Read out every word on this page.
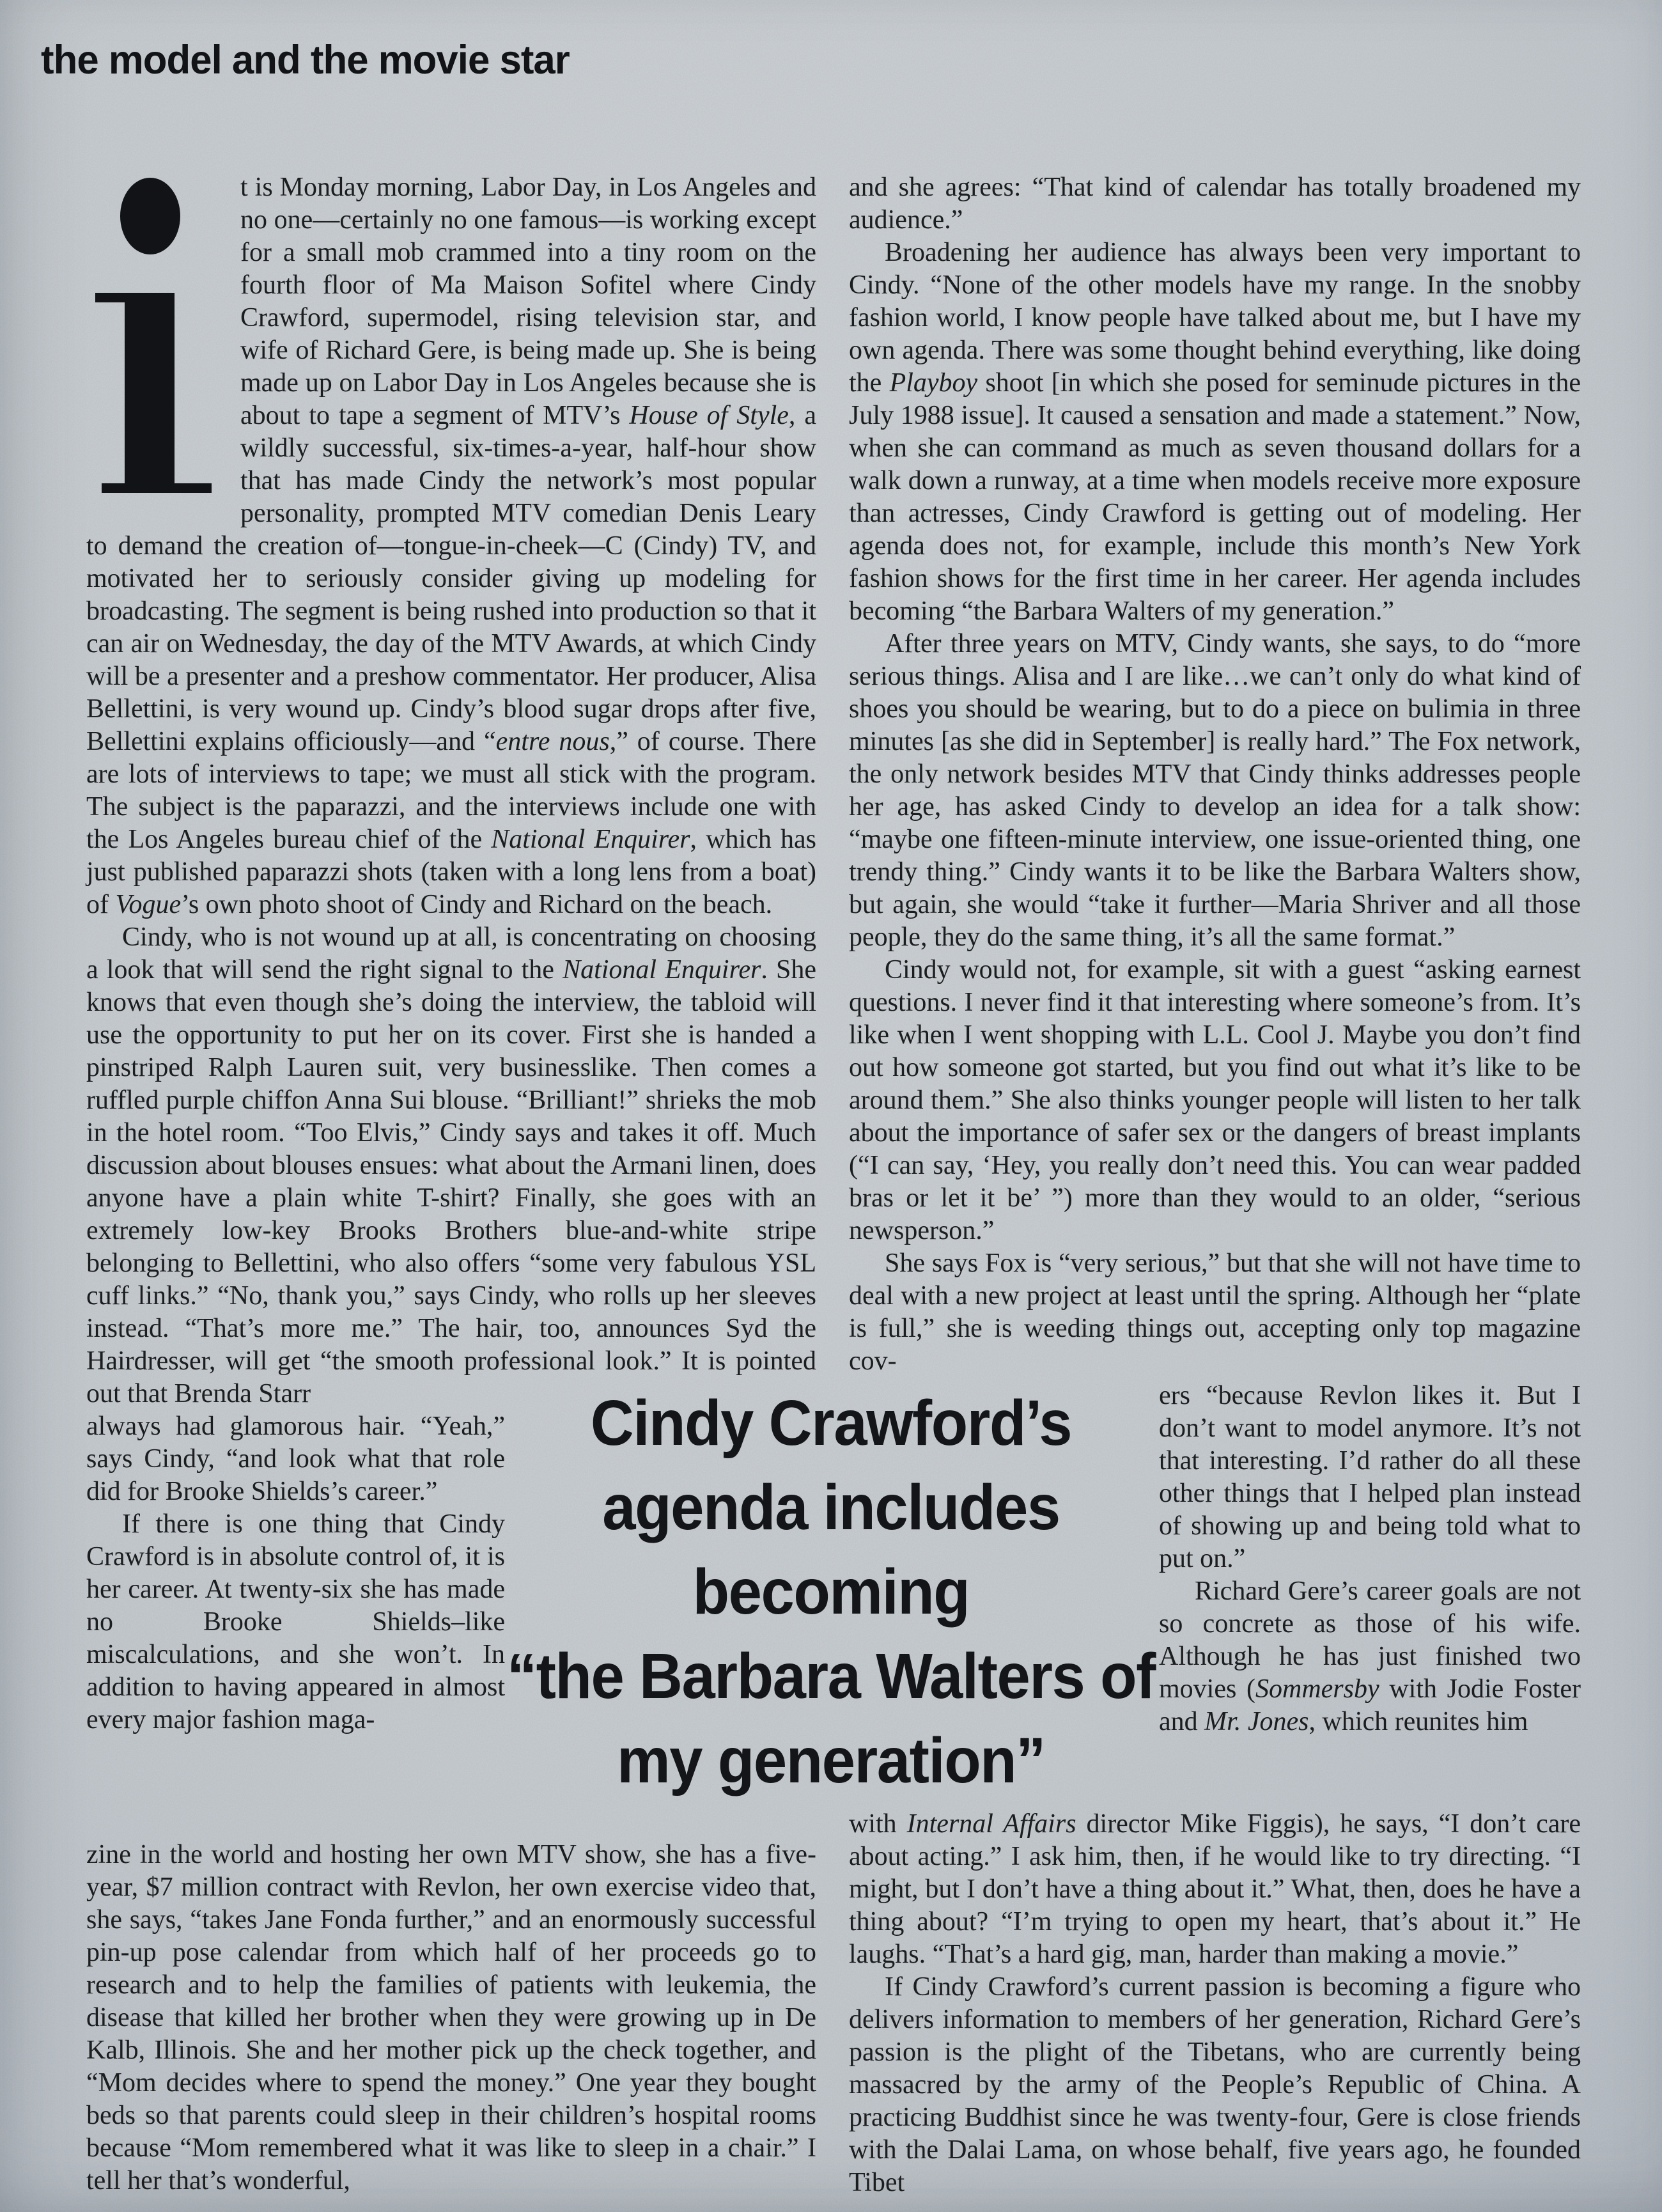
the model and the movie star

t is Monday morning, Labor Day, in Los Angeles and no one—certainly no one famous—is working except for a small mob crammed into a tiny room on the fourth floor of Ma Maison Sofitel where Cindy Crawford, supermodel, rising television star, and wife of Richard Gere, is being made up. She is being made up on Labor Day in Los Angeles because she is about to tape a segment of MTV’s House of Style, a wildly successful, six-times-a-year, half-hour show that has made Cindy the network’s most popular personality, prompted MTV comedian Denis Leary to demand the creation of—tongue-in-cheek—C (Cindy) TV, and motivated her to seriously consider giving up modeling for broadcasting. The segment is being rushed into production so that it can air on Wednesday, the day of the MTV Awards, at which Cindy will be a presenter and a preshow commentator. Her producer, Alisa Bellettini, is very wound up. Cindy’s blood sugar drops after five, Bellettini explains officiously—and “entre nous,” of course. There are lots of interviews to tape; we must all stick with the program. The subject is the paparazzi, and the interviews include one with the Los Angeles bureau chief of the National Enquirer, which has just published paparazzi shots (taken with a long lens from a boat) of Vogue’s own photo shoot of Cindy and Richard on the beach.

Cindy, who is not wound up at all, is concentrating on choosing a look that will send the right signal to the National Enquirer. She knows that even though she’s doing the interview, the tabloid will use the opportunity to put her on its cover. First she is handed a pinstriped Ralph Lauren suit, very businesslike. Then comes a ruffled purple chiffon Anna Sui blouse. “Brilliant!” shrieks the mob in the hotel room. “Too Elvis,” Cindy says and takes it off. Much discussion about blouses ensues: what about the Armani linen, does anyone have a plain white T-shirt? Finally, she goes with an extremely low-key Brooks Brothers blue-and-white stripe belonging to Bellettini, who also offers “some very fabulous YSL cuff links.” “No, thank you,” says Cindy, who rolls up her sleeves instead. “That’s more me.” The hair, too, announces Syd the Hairdresser, will get “the smooth professional look.” It is pointed out that Brenda Starr

always had glamorous hair. “Yeah,” says Cindy, “and look what that role did for Brooke Shields’s career.”

If there is one thing that Cindy Crawford is in absolute control of, it is her career. At twenty-six she has made no Brooke Shields–like miscalculations, and she won’t. In addition to having appeared in almost every major fashion maga-

zine in the world and hosting her own MTV show, she has a five-year, $7 million contract with Revlon, her own exercise video that, she says, “takes Jane Fonda further,” and an enormously successful pin-up pose calendar from which half of her proceeds go to research and to help the families of patients with leukemia, the disease that killed her brother when they were growing up in De Kalb, Illinois. She and her mother pick up the check together, and “Mom decides where to spend the money.” One year they bought beds so that parents could sleep in their children’s hospital rooms because “Mom remembered what it was like to sleep in a chair.” I tell her that’s wonderful,

and she agrees: “That kind of calendar has totally broadened my audience.”

Broadening her audience has always been very important to Cindy. “None of the other models have my range. In the snobby fashion world, I know people have talked about me, but I have my own agenda. There was some thought behind everything, like doing the Playboy shoot [in which she posed for seminude pictures in the July 1988 issue]. It caused a sensation and made a statement.” Now, when she can command as much as seven thousand dollars for a walk down a runway, at a time when models receive more exposure than actresses, Cindy Crawford is getting out of modeling. Her agenda does not, for example, include this month’s New York fashion shows for the first time in her career. Her agenda includes becoming “the Barbara Walters of my generation.”

After three years on MTV, Cindy wants, she says, to do “more serious things. Alisa and I are like…we can’t only do what kind of shoes you should be wearing, but to do a piece on bulimia in three minutes [as she did in September] is really hard.” The Fox network, the only network besides MTV that Cindy thinks addresses people her age, has asked Cindy to develop an idea for a talk show: “maybe one fifteen-minute interview, one issue-oriented thing, one trendy thing.” Cindy wants it to be like the Barbara Walters show, but again, she would “take it further—Maria Shriver and all those people, they do the same thing, it’s all the same format.”

Cindy would not, for example, sit with a guest “asking earnest questions. I never find it that interesting where someone’s from. It’s like when I went shopping with L.L. Cool J. Maybe you don’t find out how someone got started, but you find out what it’s like to be around them.” She also thinks younger people will listen to her talk about the importance of safer sex or the dangers of breast implants (“I can say, ‘Hey, you really don’t need this. You can wear padded bras or let it be’ ”) more than they would to an older, “serious newsperson.”

She says Fox is “very serious,” but that she will not have time to deal with a new project at least until the spring. Although her “plate is full,” she is weeding things out, accepting only top magazine cov-

ers “because Revlon likes it. But I don’t want to model anymore. It’s not that interesting. I’d rather do all these other things that I helped plan instead of showing up and being told what to put on.”

Richard Gere’s career goals are not so concrete as those of his wife. Although he has just finished two movies (Sommersby with Jodie Foster and Mr. Jones, which reunites him

with Internal Affairs director Mike Figgis), he says, “I don’t care about acting.” I ask him, then, if he would like to try directing. “I might, but I don’t have a thing about it.” What, then, does he have a thing about? “I’m trying to open my heart, that’s about it.” He laughs. “That’s a hard gig, man, harder than making a movie.”

If Cindy Crawford’s current passion is becoming a figure who delivers information to members of her generation, Richard Gere’s passion is the plight of the Tibetans, who are currently being massacred by the army of the People’s Republic of China. A practicing Buddhist since he was twenty-four, Gere is close friends with the Dalai Lama, on whose behalf, five years ago, he founded Tibet

Cindy Crawford’s
agenda includes
becoming
“the Barbara Walters of
my generation”
